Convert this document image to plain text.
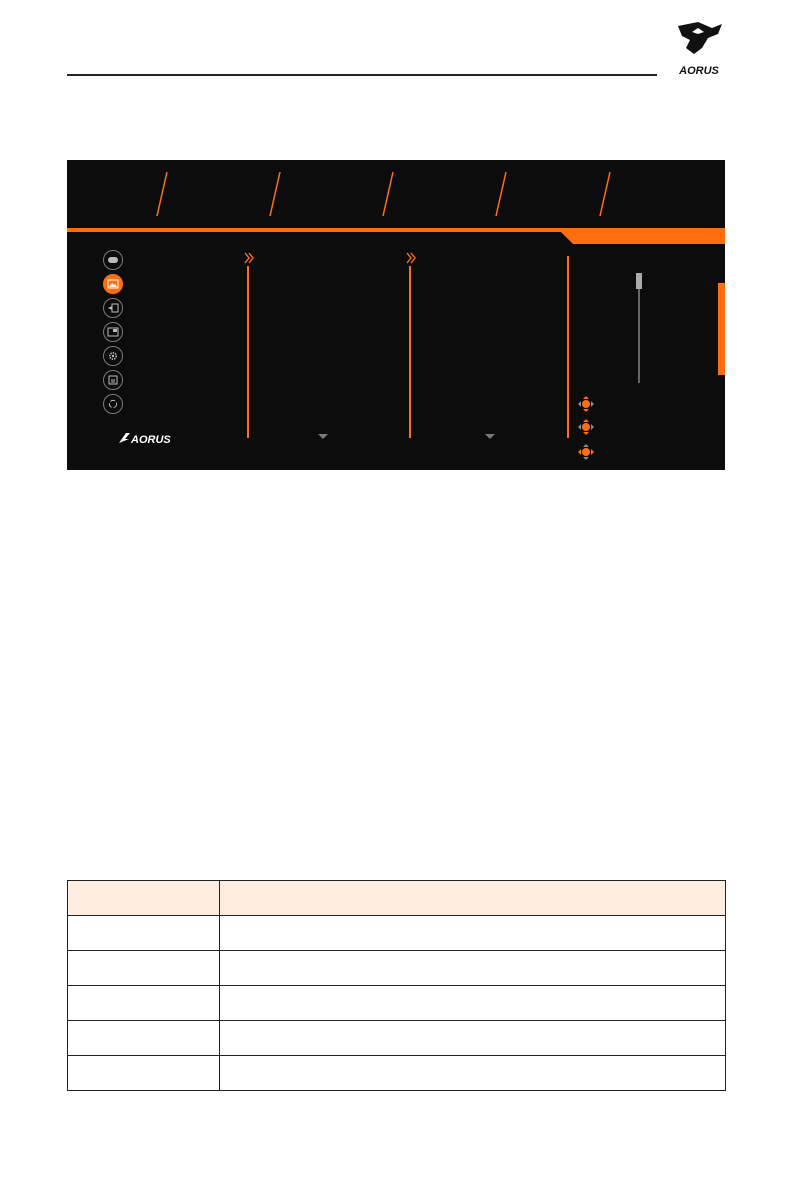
AORUS
AORUS
